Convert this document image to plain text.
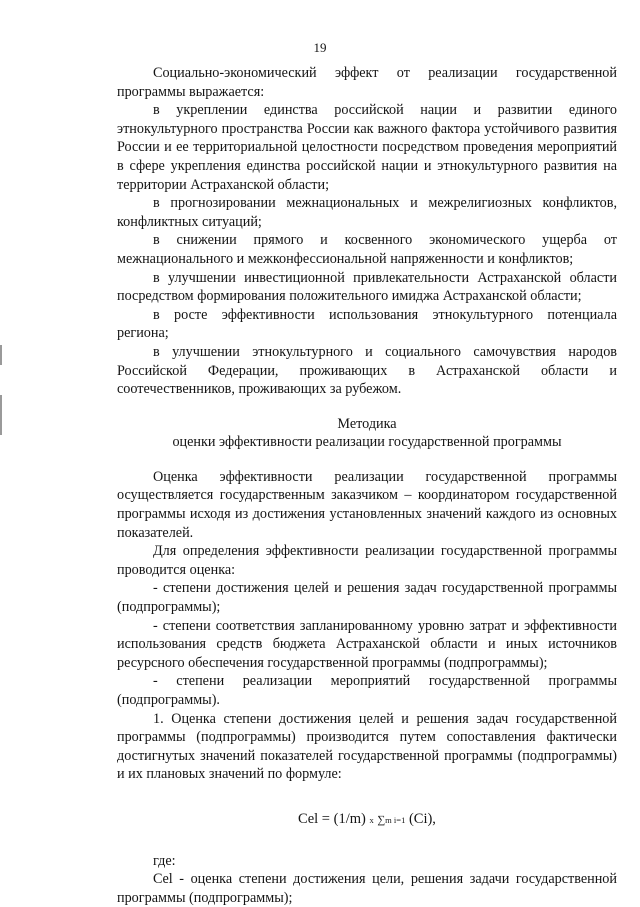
19

Социально-экономический эффект от реализации государственной программы выражается:

в укреплении единства российской нации и развитии единого этнокультурного пространства России как важного фактора устойчивого развития России и ее территориальной целостности посредством проведения мероприятий в сфере укрепления единства российской нации и этнокультурного развития на территории Астраханской области;

в прогнозировании межнациональных и межрелигиозных конфликтов, конфликтных ситуаций;

в снижении прямого и косвенного экономического ущерба от межнационального и межконфессиональной напряженности и конфликтов;

в улучшении инвестиционной привлекательности Астраханской области посредством формирования положительного имиджа Астраханской области;

в росте эффективности использования этнокультурного потенциала региона;

в улучшении этнокультурного и социального самочувствия народов Российской Федерации, проживающих в Астраханской области и соотечественников, проживающих за рубежом.

Методика

оценки эффективности реализации государственной программы

Оценка эффективности реализации государственной программы осуществляется государственным заказчиком – координатором государственной программы исходя из достижения установленных значений каждого из основных показателей.

Для определения эффективности реализации государственной программы проводится оценка:

- степени достижения целей и решения задач государственной программы (подпрограммы);

- степени соответствия запланированному уровню затрат и эффективности использования средств бюджета Астраханской области и иных источников ресурсного обеспечения государственной программы (подпрограммы);

- степени реализации мероприятий государственной программы (подпрограммы).

1. Оценка степени достижения целей и решения задач государственной программы (подпрограммы) производится путем сопоставления фактически достигнутых значений показателей государственной программы (подпрограммы) и их плановых значений по формуле:

Cel = (1/m) x ∑m i=1 (Ci),

где:

Cel - оценка степени достижения цели, решения задачи государственной программы (подпрограммы);
